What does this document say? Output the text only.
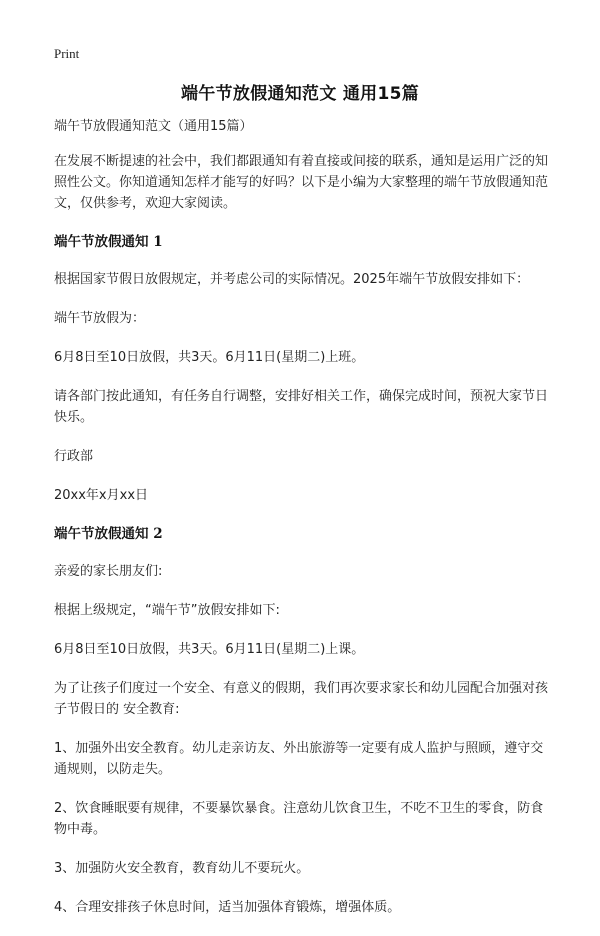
Print
端午节放假通知范文 通用15篇
端午节放假通知范文（通用15篇）
在发展不断提速的社会中，我们都跟通知有着直接或间接的联系，通知是运用广泛的知照性公文。你知道通知怎样才能写的好吗？以下是小编为大家整理的端午节放假通知范文，仅供参考，欢迎大家阅读。
端午节放假通知 1
根据国家节假日放假规定，并考虑公司的实际情况。2025年端午节放假安排如下：
端午节放假为：
6月8日至10日放假，共3天。6月11日(星期二)上班。
请各部门按此通知，有任务自行调整，安排好相关工作，确保完成时间，预祝大家节日快乐。
行政部
20xx年x月xx日
端午节放假通知 2
亲爱的家长朋友们:
根据上级规定，“端午节”放假安排如下:
6月8日至10日放假，共3天。6月11日(星期二)上课。
为了让孩子们度过一个安全、有意义的假期，我们再次要求家长和幼儿园配合加强对孩子节假日的 安全教育:
1、加强外出安全教育。幼儿走亲访友、外出旅游等一定要有成人监护与照顾，遵守交通规则，以防走失。
2、饮食睡眠要有规律，不要暴饮暴食。注意幼儿饮食卫生，不吃不卫生的零食，防食物中毒。
3、加强防火安全教育，教育幼儿不要玩火。
4、合理安排孩子休息时间，适当加强体育锻炼，增强体质。
